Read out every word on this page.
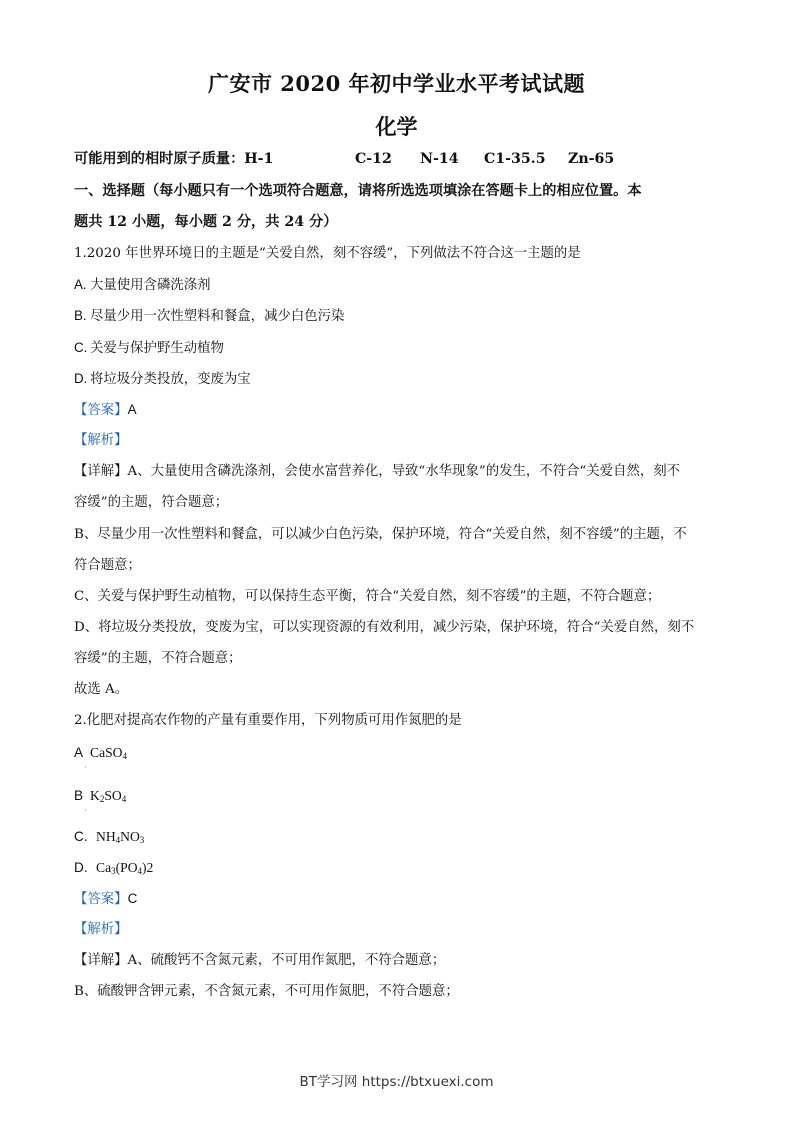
广安市 2020 年初中学业水平考试试题
化学
可能用到的相时原子质量：H-1	C-12 N-14 C1-35.5 Zn-65
一、选择题（每小题只有一个选项符合题意，请将所选选项填涂在答题卡上的相应位置。本
题共 12 小题，每小题 2 分，共 24 分）
1.2020 年世界环境日的主题是“关爱自然，刻不容缓”，下列做法不符合这一主题的是
A. 大量使用含磷洗涤剂
B. 尽量少用一次性塑料和餐盒，减少白色污染
C. 关爱与保护野生动植物
D. 将垃圾分类投放，变废为宝
【答案】A
【解析】
【详解】A、大量使用含磷洗涤剂，会使水富营养化，导致“水华现象”的发生，不符合“关爱自然，刻不
容缓”的主题，符合题意；
B、尽量少用一次性塑料和餐盒，可以减少白色污染，保护环境，符合“关爱自然，刻不容缓”的主题，不
符合题意；
C、关爱与保护野生动植物，可以保持生态平衡，符合“关爱自然，刻不容缓”的主题，不符合题意；
D、将垃圾分类投放，变废为宝，可以实现资源的有效利用，减少污染，保护环境，符合“关爱自然，刻不
容缓”的主题，不符合题意；
故选 A。
2.化肥对提高农作物的产量有重要作用，下列物质可用作氮肥的是
A CaSO$_4$
·
B $K_2SO_4$
·
C. $NH_4NO_3$
D. $Ca_3(PO_4)2$
【答案】C
【解析】
【详解】A、硫酸钙不含氮元素，不可用作氮肥，不符合题意；
B、硫酸钾含钾元素，不含氮元素，不可用作氮肥，不符合题意；
BT学习网 https://btxuexi.com
